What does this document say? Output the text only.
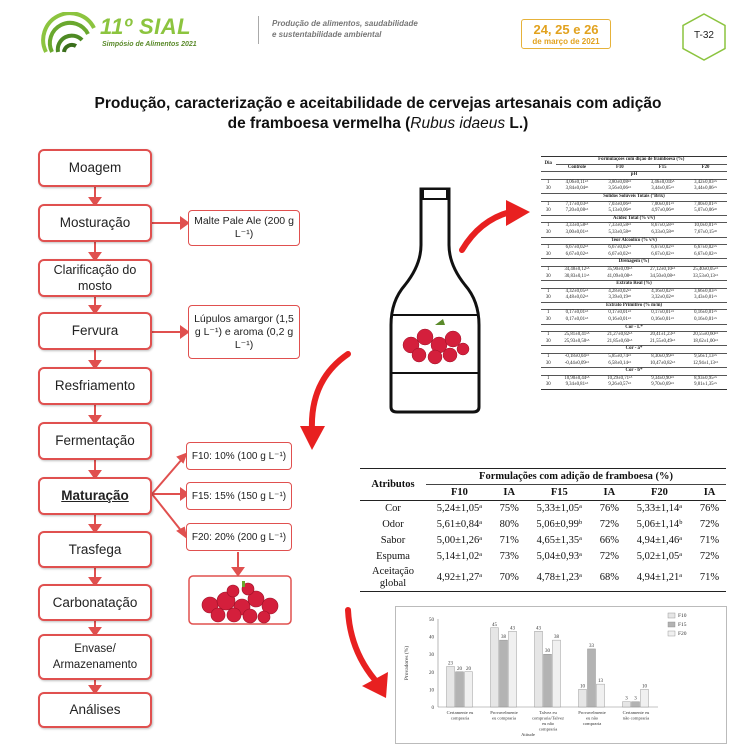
11º SIAL
Simpósio de Alimentos 2021
Produção de alimentos, saudabilidade
e sustentabilidade ambiental	24, 25 e 26
de março de 2021
T-32
Produção, caracterização e aceitabilidade de cervejas artesanais com adição
de framboesa vermelha (Rubus idaeus L.)
Moagem
Mosturação
Clarificação do mosto
Fervura
Resfriamento
Fermentação
Maturação
Trasfega
Carbonatação
Envase/ Armazenamento
Análises
Malte Pale Ale (200 g L⁻¹)
Lúpulos amargor (1,5 g L⁻¹) e aroma (0,2 g L⁻¹)
F10: 10% (100 g L⁻¹)
F15: 15% (150 g L⁻¹)
F20: 20% (200 g L⁻¹)
Dia	Formulações com dição de framboesa (%)			
	Controle	F10	F15	F20
pH				
1	4,06±0,11ᵃᴬ	3,80±0,08ᵃᴬ	3,46±0,01bᴬ	3,42±0,03ᵃᴬ
30	3,84±0,04ᵃᴮ	3,56±0,06ᵃᴬ	3,44±0,05ᵃᴬ	3,44±0,06ᵃᴬ
Sólidos Solúveis Totais (°Brix)				
1	7,17±0,03ᵃᴬ	7,03±0,06ᵃᴬ	7,00±0,01ᵃᴬ	7,00±0,01ᵃᴬ
30	7,20±0,08ᵃᴬ	5,13±0,06ᵃᴮ	4,97±0,06ᵃᴮ	5,07±0,06ᵃᴮ
Acidez Total (% v/v)				
1	3,33±0,58ᵃᴬ	7,33±0,58ᵃᴬ	8,67±0,58ᵃᴬ	10,0±0,01ᵃᴬ
30	3,00±0,01ᵃᴬ	5,33±0,58ᵃᴮ	6,33±0,58ᵃᴮ	7,67±0,15ᵃᴮ
Teor Alcoólico (% v/v)				
1	6,67±0,02ᵃᴬ	6,67±0,02ᵃᴬ	6,67±0,02ᵃᴬ	6,67±0,02ᵃᴬ
30	6,67±0,02ᵃᴬ	6,67±0,02ᵃᴬ	6,67±0,02ᵃᴬ	6,67±0,02ᵃᴬ
Drenagem (%)				
1	34,48±0,12ᵃᴬ	35,90±0,09ᵃᴬ	27,12±0,10ᵃᴬ	25,40±0,05ᵃᴬ
30	30,83±0,11ᵃᴬ	41,09±0,08ᵃᴬ	34,50±0,08ᵃᴬ	33,53±0,13ᵃᴬ
Extrato Real (%)				
1	4,32±0,05ᵃᴬ	4,28±0,02ᵃᴬ	4,16±0,02ᵃᴬ	3,66±0,03ᵃᴬ
30	4,48±0,02ᵃᴬ	3,39±0,19ᵃᴮ	3,32±0,02ᵃᴮ	3,43±0,01ᵃᴬ
Extrato Primitivo (% m/m)				
1	0,17±0,01ᵃᴬ	0,17±0,01ᵃᴬ	0,17±0,01ᵃᴬ	0,16±0,01ᵃᴬ
30	0,17±0,01ᵃᴬ	0,16±0,01ᵃᴬ	0,16±0,01ᵃᴬ	0,16±0,01ᵃᴬ
Cor - L*				
1	25,81±0,41ᵃᴬ	21,27±0,82ᵃᴬ	20,41±1,23ᵃᴬ	20,55±0,60ᵃᴬ
30	25,93±0,50ᵃᴬ	21,85±0,60ᵃᴬ	21,55±0,49ᵃᴬ	18,62±1,00ᵃᴬ
Cor - a*				
1	-0,18±0,04ᵃᴬ	5,85±0,74ᵃᴬ	8,30±0,99ᵃᴬ	9,56±1,13ᵃᴬ
30	-0,44±0,09ᵃᴬ	6,58±0,14ᵃᴬ	10,47±0,82ᵃᴬ	12,94±1,13ᵃᴬ
Cor - b*				
1	10,90±0,44ᵃᴬ	10,29±0,71ᵃᴬ	9,34±0,90ᵃᴬ	8,93±0,95ᵃᴬ
30	9,34±0,81ᵃᴬ	9,26±0,57ᵃᴬ	9,70±0,69ᵃᴬ	9,81±1,35ᵃᴬ
Atributos	Formulações com adição de framboesa (%)					
	F10	IA	F15	IA	F20	IA
Cor	5,24±1,05ᵃ	75%	5,33±1,05ᵃ	76%	5,33±1,14ᵃ	76%
Odor	5,61±0,84ᵃ	80%	5,06±0,99ᵇ	72%	5,06±1,14ᵇ	72%
Sabor	5,00±1,26ᵃ	71%	4,65±1,35ᵃ	66%	4,94±1,46ᵃ	71%
Espuma	5,14±1,02ᵃ	73%	5,04±0,93ᵃ	72%	5,02±1,05ᵃ	72%
Aceitação global	4,92±1,27ᵃ	70%	4,78±1,23ᵃ	68%	4,94±1,21ᵃ	71%
0
10
20
30
40
50
Provadores (%)	23
20 20
Certamente eu compraria
45
38
43
Provavelmente eu compraria
43
30
38
Talvez eu compraria/Talvez eu não compraria
10
33
13
Provavelmente eu não compraria
3 3
10
Certamente eu não compraria
Atitude
F10
F15
F20
